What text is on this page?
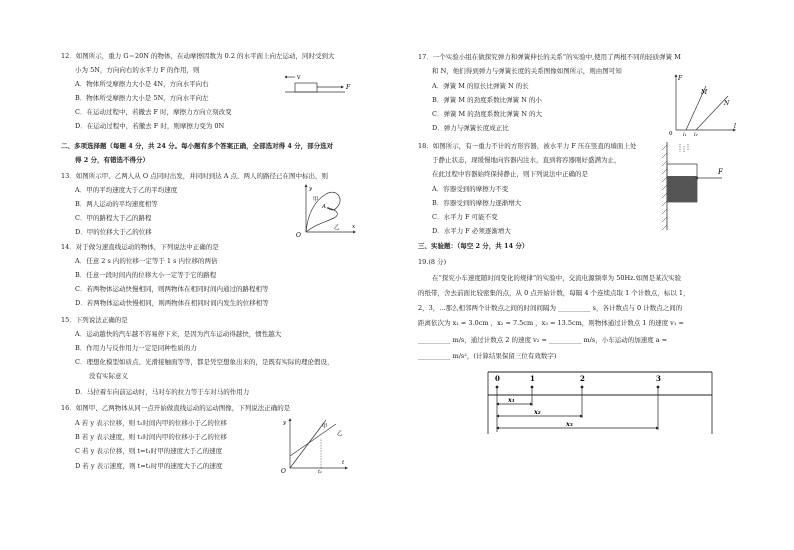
12．如图所示，重力 G＝20N 的物体，在动摩擦因数为 0.2 的水平面上向左运动，同时受到大
小为 5N，方向向右的水平力 F 的作用，则
A．物体所受摩擦力大小是 4N，方向水平向右
B．物体所受摩擦力大小是 5N，方向水平向左
C．在运动过程中，若撤去 F 时，摩擦力方向立刻改变
D．在运动过程中，若撤去 F 时，则摩擦力变为 0N
v
F
二、多项选择题（每题 4 分，共 24 分。每小题有多个答案正确，全部选对得 4 分，部分选对
得 2 分，有错选不得分）
13．如图所示甲、乙两人从 O 点同时出发，并同时到达 A 点，两人的路径已在图中标出，则
A．甲的平均速度大于乙的平均速度
B．两人运动的平均速度相等
C．甲的路程大于乙的路程
D．甲的位移大于乙的位移
y
x
O
A
甲
乙
14．对于做匀速直线运动的物体，下列说法中正确的是
A．任意 2 s 内的位移一定等于 1 s 内位移的两倍
B．任意一段时间内的位移大小一定等于它的路程
C．若两物体运动快慢相同，则两物体在相同时间内通过的路程相等
D．若两物体运动快慢相同，则两物体在相同时间内发生的位移相等
15．下列说法正确的是
A．运动越快的汽车越不容易停下来，是因为汽车运动得越快，惯性越大
B．作用力与反作用力一定是同种性质的力
C．理想化模型如质点、光滑接触面等等，都是凭空想象出来的，是既有实际的理论假设，
没有实际意义
D．马拉着车向前运动时，马对车的拉力等于车对马的作用力
16．如图甲、乙两物体从同一点开始做直线运动的运动图像，下列说法正确的是
A 若 y 表示位移，则 t₁时间内甲的位移小于乙的位移
B 若 y 表示速度，则 t₁时间内甲的位移小于乙的位移
C 若 y 表示位移，则 t=t₁时甲的速度大于乙的速度
D 若 y 表示速度，则 t=t₁时甲的速度大于乙的速度
y
t
O	t₁
甲
乙
17．一个实验小组在做探究弹力和弹簧伸长的关系”的实验中,使用了两根不同的轻质弹簧 M
和 N，他们得到弹力与弹簧长度的关系图像如图所示，则由图可知
A．弹簧 M 的原长比弹簧 N 的长
B．弹簧 M 的劲度系数比弹簧 N 的小
C．弹簧 M 的劲度系数比弹簧 N 的大
D．弹力与弹簧长度成正比
F
l
0
M
N
l₁ l₂
18．如图所示，有一重力不计的方形容器，被水平力 F 压在竖直的墙面上处
于静止状态，现缓慢地向容器内注水，直到将容器刚好盛满为止，
在此过程中容器始终保持静止，则下列说法中正确的是
A．容器受到的摩擦力不变
B．容器受到的摩擦力逐渐增大
C．水平力 F 可能不变
D．水平力 F 必须逐渐增大
F
三、实验题：（每空 2 分，共 14 分）
19.(8 分)
在“探究小车速度随时间变化的规律”的实验中，交流电源频率为 50Hz.如图是某次实验
的纸带，舍去前面比较密集的点，从 0 点开始计数，每隔 4 个连续点取 1 个计数点，标以 1，
2，3，...那么相邻两个计数点之间的时间间隔为 __________ s，各计数点与 0 计数点之间的
距离依次为 x₁ = 3.0cm ，x₂ = 7.5cm ，x₃ = 13.5cm，则物体通过计数点 1 的速度 v₁ =
__________ m/s，通过计数点 2 的速度 v₂ = __________ m/s，小车运动的加速度 a =
__________ m/s²，(计算结果保留三位有效数字)
0	1	2	3
x₁
x₂
x₃
